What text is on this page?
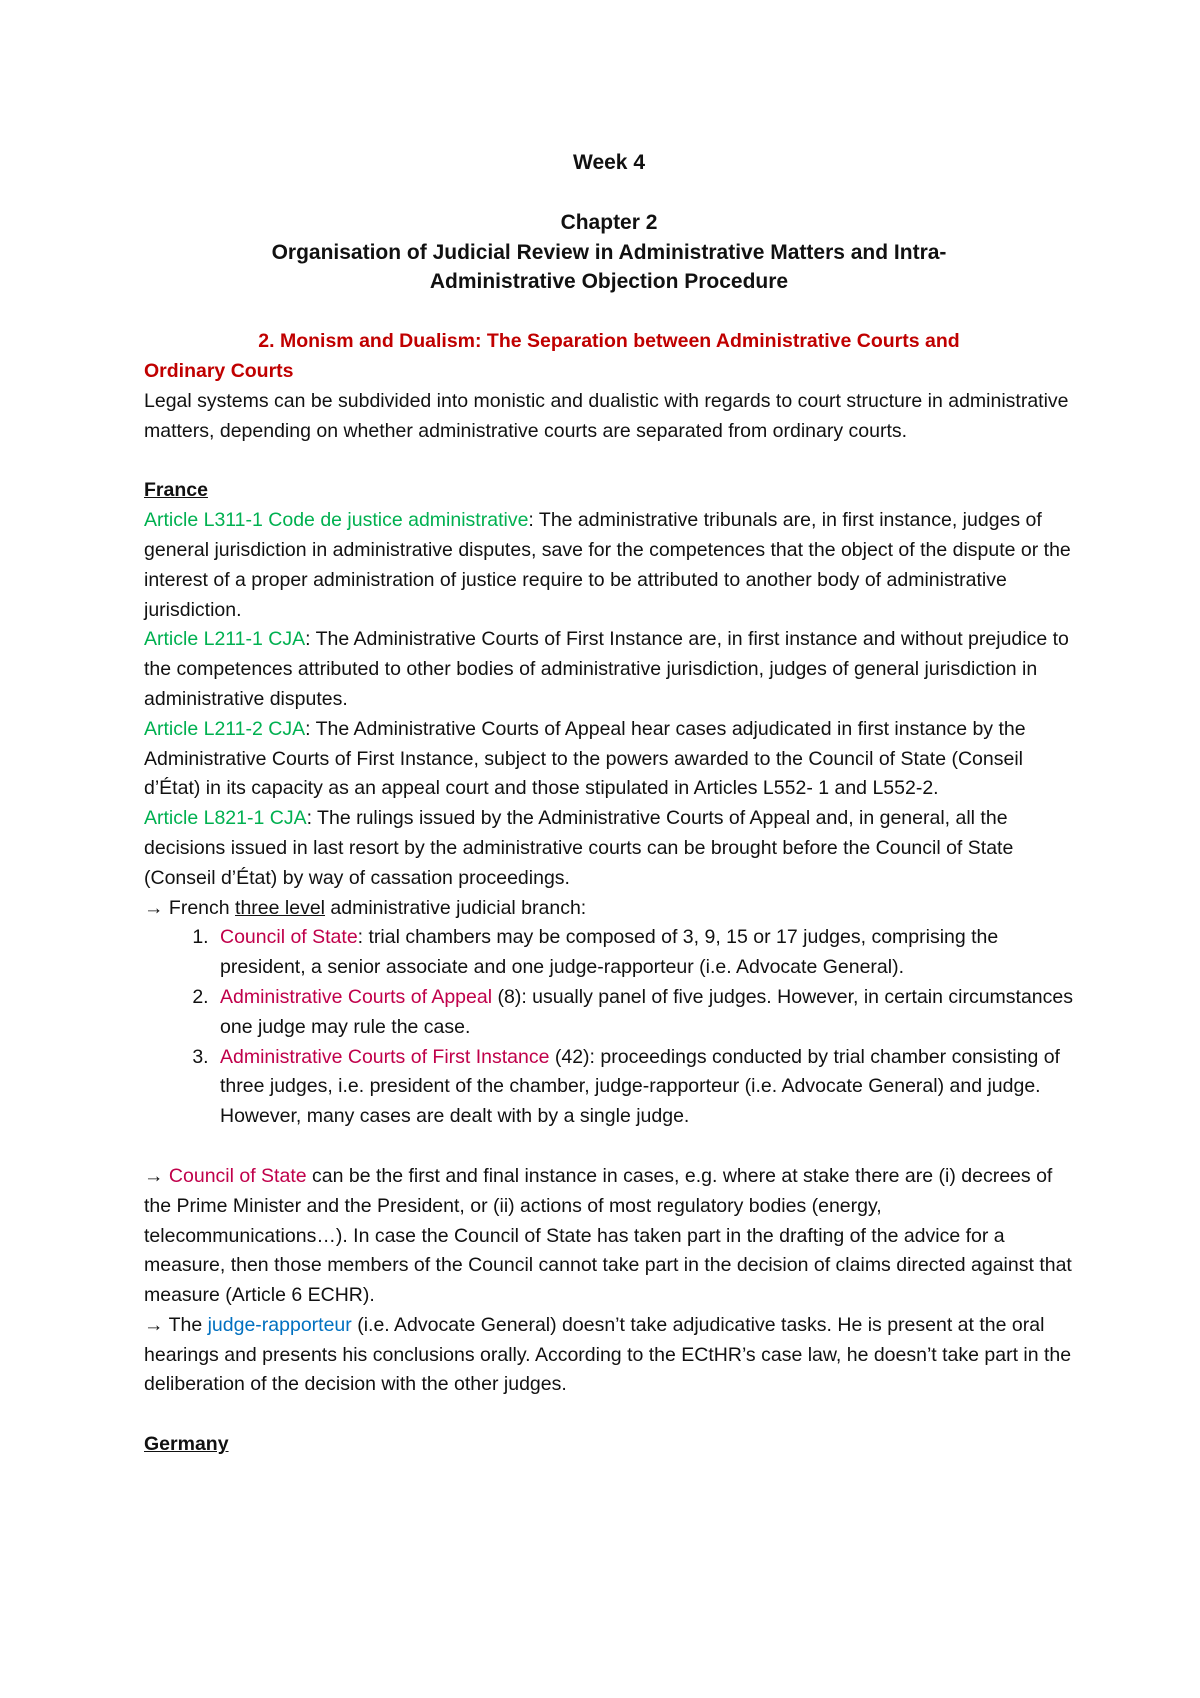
Week 4

Chapter 2

Organisation of Judicial Review in Administrative Matters and Intra-

Administrative Objection Procedure

2. Monism and Dualism: The Separation between Administrative Courts and

Ordinary Courts

Legal systems can be subdivided into monistic and dualistic with regards to court structure in administrative matters, depending on whether administrative courts are separated from ordinary courts.

France

Article L311-1 Code de justice administrative: The administrative tribunals are, in first instance, judges of general jurisdiction in administrative disputes, save for the competences that the object of the dispute or the interest of a proper administration of justice require to be attributed to another body of administrative jurisdiction.

Article L211-1 CJA: The Administrative Courts of First Instance are, in first instance and without prejudice to the competences attributed to other bodies of administrative jurisdiction, judges of general jurisdiction in administrative disputes.

Article L211-2 CJA: The Administrative Courts of Appeal hear cases adjudicated in first instance by the Administrative Courts of First Instance, subject to the powers awarded to the Council of State (Conseil d’État) in its capacity as an appeal court and those stipulated in Articles L552- 1 and L552-2.

Article L821-1 CJA: The rulings issued by the Administrative Courts of Appeal and, in general, all the decisions issued in last resort by the administrative courts can be brought before the Council of State (Conseil d’État) by way of cassation proceedings.

→ French three level administrative judicial branch:

1. Council of State: trial chambers may be composed of 3, 9, 15 or 17 judges, comprising the president, a senior associate and one judge-rapporteur (i.e. Advocate General).
2. Administrative Courts of Appeal (8): usually panel of five judges. However, in certain circumstances one judge may rule the case.
3. Administrative Courts of First Instance (42): proceedings conducted by trial chamber consisting of three judges, i.e. president of the chamber, judge-rapporteur (i.e. Advocate General) and judge. However, many cases are dealt with by a single judge.

→ Council of State can be the first and final instance in cases, e.g. where at stake there are (i) decrees of the Prime Minister and the President, or (ii) actions of most regulatory bodies (energy, telecommunications…). In case the Council of State has taken part in the drafting of the advice for a measure, then those members of the Council cannot take part in the decision of claims directed against that measure (Article 6 ECHR).

→ The judge-rapporteur (i.e. Advocate General) doesn’t take adjudicative tasks. He is present at the oral hearings and presents his conclusions orally. According to the ECtHR’s case law, he doesn’t take part in the deliberation of the decision with the other judges.

Germany
